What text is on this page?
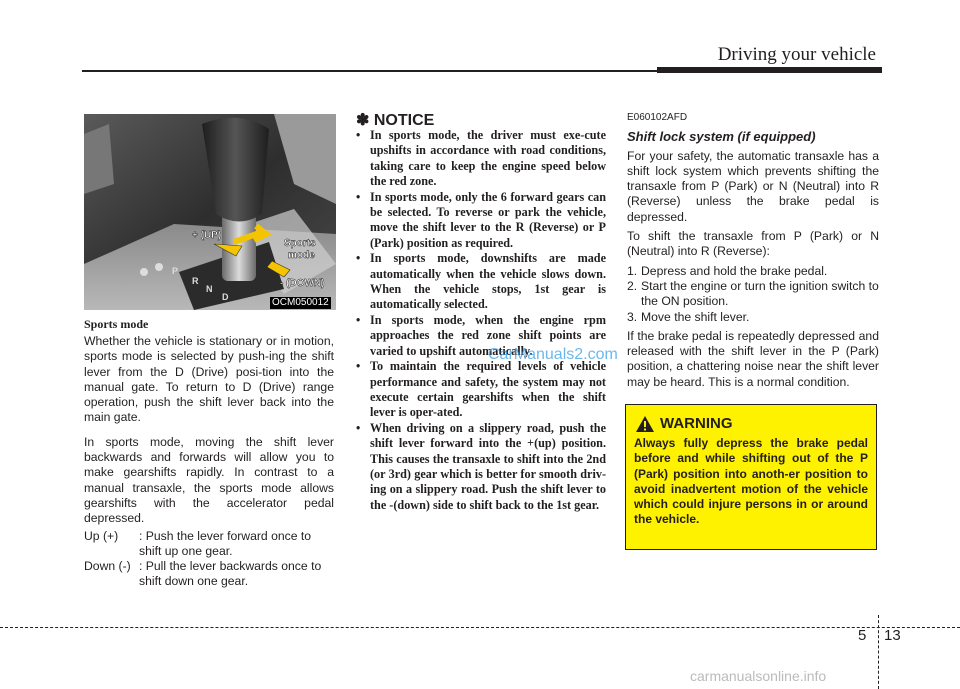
Driving your vehicle
P
R
N
D
+ (UP)
Sports
mode
- (DOWN)
OCM050012
Sports mode

Whether the vehicle is stationary or in motion, sports mode is selected by push-ing the shift lever from the D (Drive) posi-tion into the manual gate. To return to D (Drive) range operation, push the shift lever back into the main gate.

In sports mode, moving the shift lever backwards and forwards will allow you to make gearshifts rapidly. In contrast to a manual transaxle, the sports mode allows gearshifts with the accelerator pedal depressed.

Up (+)	: Push the lever forward once to shift up one gear.
Down (-) : Pull the lever backwards once to shift down one gear.
✽ NOTICE
• In sports mode, the driver must exe-cute upshifts in accordance with road conditions, taking care to keep the engine speed below the red zone.
• In sports mode, only the 6 forward gears can be selected. To reverse or park the vehicle, move the shift lever to the R (Reverse) or P (Park) position as required.
• In sports mode, downshifts are made automatically when the vehicle slows down. When the vehicle stops, 1st gear is automatically selected.
• In sports mode, when the engine rpm approaches the red zone shift points are varied to upshift automatically.
• To maintain the required levels of vehicle performance and safety, the system may not execute certain gearshifts when the shift lever is oper-ated.
• When driving on a slippery road, push the shift lever forward into the +(up) position. This causes the transaxle to shift into the 2nd (or 3rd) gear which is better for smooth driv-ing on a slippery road. Push the shift lever to the -(down) side to shift back to the 1st gear.
E060102AFD
Shift lock system (if equipped)

For your safety, the automatic transaxle has a shift lock system which prevents shifting the transaxle from P (Park) or N (Neutral) into R (Reverse) unless the brake pedal is depressed.

To shift the transaxle from P (Park) or N (Neutral) into R (Reverse):

1. Depress and hold the brake pedal.
2. Start the engine or turn the ignition switch to the ON position.
3. Move the shift lever.

If the brake pedal is repeatedly depressed and released with the shift lever in the P (Park) position, a chattering noise near the shift lever may be heard. This is a normal condition.

WARNING
Always fully depress the brake pedal before and while shifting out of the P (Park) position into anoth-er position to avoid inadvertent motion of the vehicle which could injure persons in or around the vehicle.
CarManuals2.com
5 13
carmanualsonline.info
